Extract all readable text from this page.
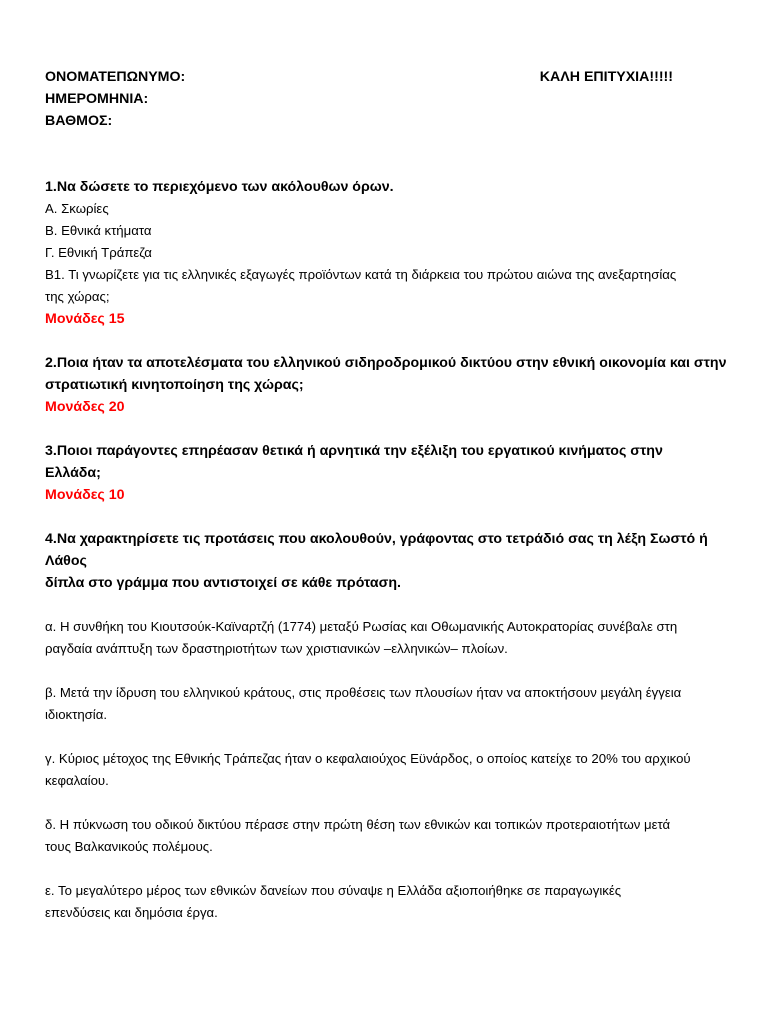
ΟΝΟΜΑΤΕΠΩΝΥΜΟ:	ΚΑΛΗ ΕΠΙΤΥΧΙΑ!!!!!
ΗΜΕΡΟΜΗΝΙΑ:
ΒΑΘΜΟΣ:
1.Να δώσετε το περιεχόμενο των ακόλουθων όρων.
Α. Σκωρίες
Β. Εθνικά κτήματα
Γ. Εθνική Τράπεζα
Β1. Τι γνωρίζετε για τις ελληνικές εξαγωγές προϊόντων κατά τη διάρκεια του πρώτου αιώνα της ανεξαρτησίας
της χώρας;
Μονάδες 15
2.Ποια ήταν τα αποτελέσματα του ελληνικού σιδηροδρομικού δικτύου στην εθνική οικονομία και στην
στρατιωτική κινητοποίηση της χώρας;
Μονάδες 20
3.Ποιοι παράγοντες επηρέασαν θετικά ή αρνητικά την εξέλιξη του εργατικού κινήματος στην
Ελλάδα;
Μονάδες 10
4.Να χαρακτηρίσετε τις προτάσεις που ακολουθούν, γράφοντας στο τετράδιό σας τη λέξη Σωστό ή Λάθος
δίπλα στο γράμμα που αντιστοιχεί σε κάθε πρόταση.
α. Η συνθήκη του Κιουτσούκ-Καϊναρτζή (1774) μεταξύ Ρωσίας και Οθωμανικής Αυτοκρατορίας συνέβαλε στη
ραγδαία ανάπτυξη των δραστηριοτήτων των χριστιανικών –ελληνικών– πλοίων.
β. Μετά την ίδρυση του ελληνικού κράτους, στις προθέσεις των πλουσίων ήταν να αποκτήσουν μεγάλη έγγεια
ιδιοκτησία.
γ. Κύριος μέτοχος της Εθνικής Τράπεζας ήταν ο κεφαλαιούχος Εϋνάρδος, ο οποίος κατείχε το 20% του αρχικού
κεφαλαίου.
δ. Η πύκνωση του οδικού δικτύου πέρασε στην πρώτη θέση των εθνικών και τοπικών προτεραιοτήτων μετά
τους Βαλκανικούς πολέμους.
ε. Το μεγαλύτερο μέρος των εθνικών δανείων που σύναψε η Ελλάδα αξιοποιήθηκε σε παραγωγικές
επενδύσεις και δημόσια έργα.
